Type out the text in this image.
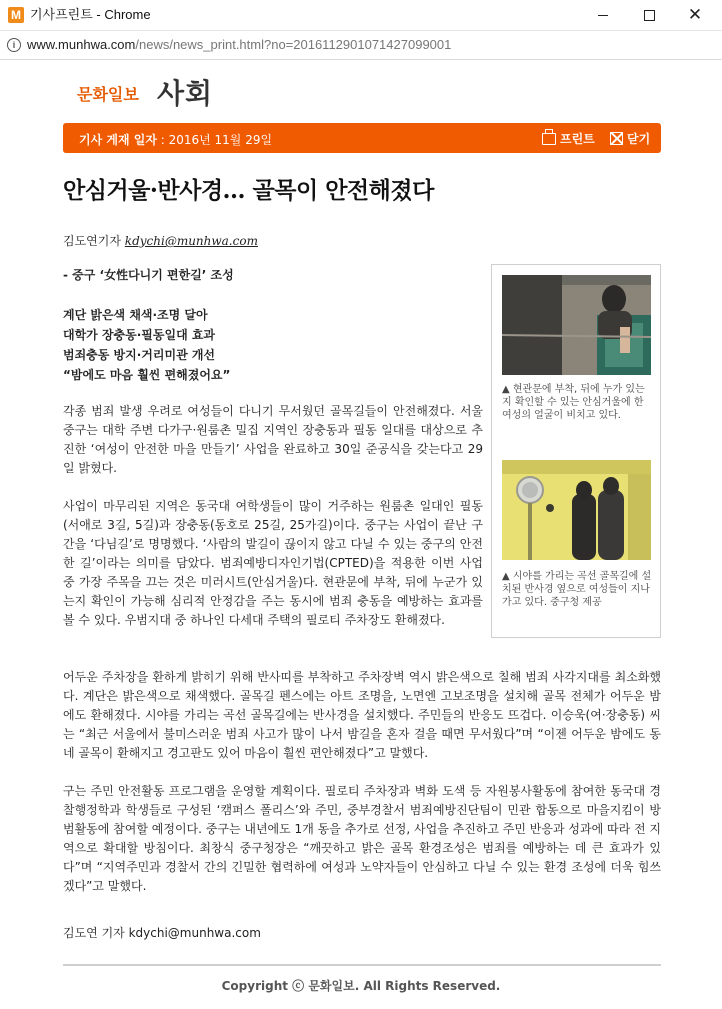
M 기사프린트 - Chrome	✕
i www.munhwa.com/news/news_print.html?no=2016112901071427099001
문화일보 사회
기사 게재 일자 : 2016년 11월 29일	프린트	닫기
안심거울·반사경… 골목이 안전해졌다
김도연기자 kdychi@munhwa.com
- 중구 ‘女性다니기 편한길’ 조성
계단 밝은색 채색·조명 달아
대학가 장충동·필동일대 효과
범죄충동 방지·거리미관 개선
“밤에도 마음 훨씬 편해졌어요”
▲ 현관문에 부착, 뒤에 누가 있는지 확인할 수 있는 안심거울에 한 여성의 얼굴이 비치고 있다.
▲ 시야를 가리는 곡선 골목길에 설치된 반사경 옆으로 여성들이 지나가고 있다. 중구청 제공
각종 범죄 발생 우려로 여성들이 다니기 무서웠던 골목길들이 안전해졌다. 서울 중구는 대학 주변 다가구·원룸촌 밀집 지역인 장충동과 필동 일대를 대상으로 추진한 ‘여성이 안전한 마을 만들기’ 사업을 완료하고 30일 준공식을 갖는다고 29일 밝혔다.
사업이 마무리된 지역은 동국대 여학생들이 많이 거주하는 원룸촌 일대인 필동(서애로 3길, 5길)과 장충동(동호로 25길, 25가길)이다. 중구는 사업이 끝난 구간을 ‘다님길’로 명명했다. ‘사람의 발길이 끊이지 않고 다닐 수 있는 중구의 안전한 길’이라는 의미를 담았다. 범죄예방디자인기법(CPTED)을 적용한 이번 사업 중 가장 주목을 끄는 것은 미러시트(안심거울)다. 현관문에 부착, 뒤에 누군가 있는지 확인이 가능해 심리적 안정감을 주는 동시에 범죄 충동을 예방하는 효과를 볼 수 있다. 우범지대 중 하나인 다세대 주택의 필로티 주차장도 환해졌다.
어두운 주차장을 환하게 밝히기 위해 반사띠를 부착하고 주차장벽 역시 밝은색으로 칠해 범죄 사각지대를 최소화했다. 계단은 밝은색으로 채색했다. 골목길 펜스에는 아트 조명을, 노면엔 고보조명을 설치해 골목 전체가 어두운 밤에도 환해졌다. 시야를 가리는 곡선 골목길에는 반사경을 설치했다. 주민들의 반응도 뜨겁다. 이승욱(여·장충동) 씨는 “최근 서울에서 불미스러운 범죄 사고가 많이 나서 밤길을 혼자 걸을 때면 무서웠다”며 “이젠 어두운 밤에도 동네 골목이 환해지고 경고판도 있어 마음이 훨씬 편안해졌다”고 말했다.
구는 주민 안전활동 프로그램을 운영할 계획이다. 필로티 주차장과 벽화 도색 등 자원봉사활동에 참여한 동국대 경찰행정학과 학생들로 구성된 ‘캠퍼스 폴리스’와 주민, 중부경찰서 범죄예방진단팀이 민관 합동으로 마을지킴이 방범활동에 참여할 예정이다. 중구는 내년에도 1개 동을 추가로 선정, 사업을 추진하고 주민 반응과 성과에 따라 전 지역으로 확대할 방침이다. 최창식 중구청장은 “깨끗하고 밝은 골목 환경조성은 범죄를 예방하는 데 큰 효과가 있다”며 “지역주민과 경찰서 간의 긴밀한 협력하에 여성과 노약자들이 안심하고 다닐 수 있는 환경 조성에 더욱 힘쓰겠다”고 말했다.
김도연 기자 kdychi@munhwa.com
Copyright ⓒ 문화일보. All Rights Reserved.
